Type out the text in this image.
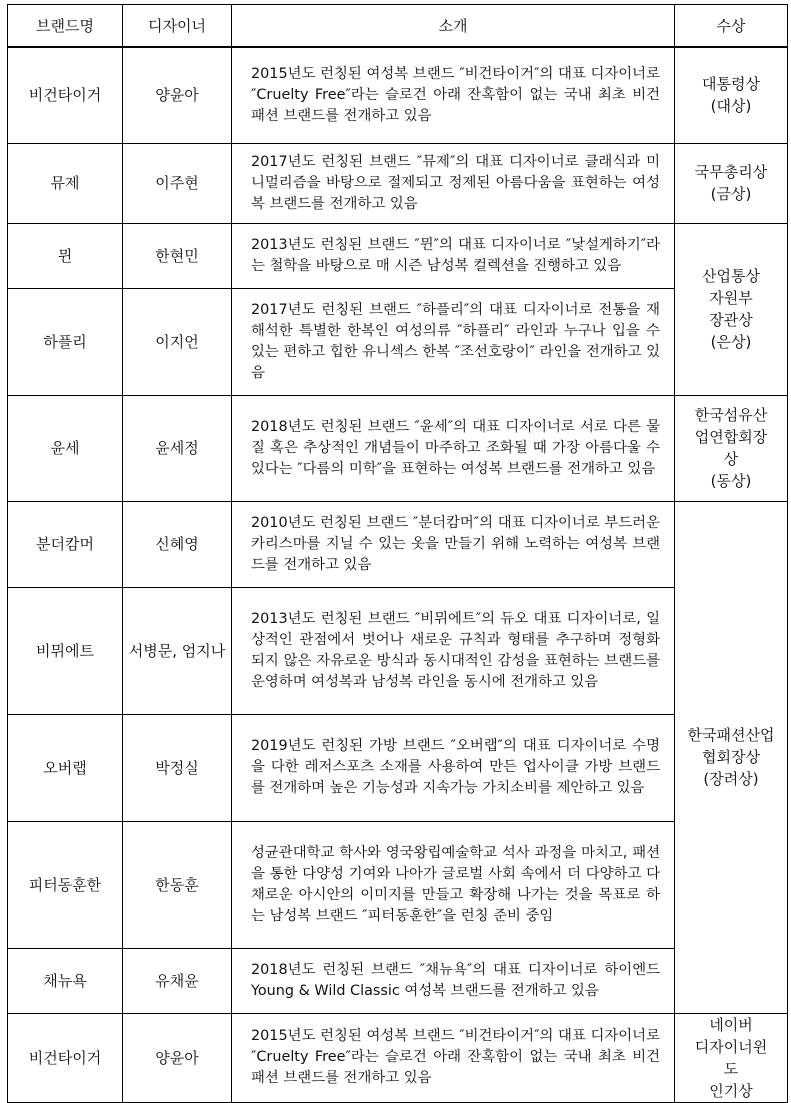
브랜드명	디자이너	소개	수상
비건타이거	양윤아	2015년도 런칭된 여성복 브랜드 ″비건타이거″의 대표 디자이너로 ″Cruelty Free″라는 슬로건 아래 잔혹함이 없는 국내 최초 비건 패션 브랜드를 전개하고 있음	대통령상
(대상)

뮤제	이주현	2017년도 런칭된 브랜드 ″뮤제″의 대표 디자이너로 클래식과 미니멀리즘을 바탕으로 절제되고 정제된 아름다움을 표현하는 여성복 브랜드를 전개하고 있음	국무총리상
(금상)

뮌	한현민	2013년도 런칭된 브랜드 ″뮌″의 대표 디자이너로 ″낯설게하기″라는 철학을 바탕으로 매 시즌 남성복 컬렉션을 진행하고 있음	산업통상
자원부
장관상
(은상)

하플리	이지언	2017년도 런칭된 브랜드 ″하플리″의 대표 디자이너로 전통을 재해석한 특별한 한복인 여성의류 ″하플리″ 라인과 누구나 입을 수 있는 편하고 힙한 유니섹스 한복 ″조선호랑이″ 라인을 전개하고 있음	
윤세	윤세정	2018년도 런칭된 브랜드 ″윤세″의 대표 디자이너로 서로 다른 물질 혹은 추상적인 개념들이 마주하고 조화될 때 가장 아름다울 수 있다는 ″다름의 미학″을 표현하는 여성복 브랜드를 전개하고 있음	한국섬유산
업연합회장
상
(동상)

분더캄머	신혜영	2010년도 런칭된 브랜드 ″분더캄머″의 대표 디자이너로 부드러운 카리스마를 지닐 수 있는 옷을 만들기 위해 노력하는 여성복 브랜드를 전개하고 있음	한국패션산업
협회장상
(장려상)

비뮈에트	서병문, 엄지나	2013년도 런칭된 브랜드 ″비뮈에트″의 듀오 대표 디자이너로, 일상적인 관점에서 벗어나 새로운 규칙과 형태를 추구하며 정형화 되지 않은 자유로운 방식과 동시대적인 감성을 표현하는 브랜드를 운영하며 여성복과 남성복 라인을 동시에 전개하고 있음	
오버랩	박정실	2019년도 런칭된 가방 브랜드 ″오버랩″의 대표 디자이너로 수명을 다한 레저스포츠 소재를 사용하여 만든 업사이클 가방 브랜드를 전개하며 높은 기능성과 지속가능 가치소비를 제안하고 있음	
피터동훈한	한동훈	성균관대학교 학사와 영국왕립예술학교 석사 과정을 마치고, 패션을 통한 다양성 기여와 나아가 글로벌 사회 속에서 더 다양하고 다채로운 아시안의 이미지를 만들고 확장해 나가는 것을 목표로 하는 남성복 브랜드 ″피터동훈한″을 런칭 준비 중임	
채뉴욕	유채윤	2018년도 런칭된 브랜드 ″채뉴욕″의 대표 디자이너로 하이엔드 Young & Wild Classic 여성복 브랜드를 전개하고 있음	
비건타이거	양윤아	2015년도 런칭된 여성복 브랜드 ″비건타이거″의 대표 디자이너로 ″Cruelty Free″라는 슬로건 아래 잔혹함이 없는 국내 최초 비건 패션 브랜드를 전개하고 있음	네이버
디자이너윈
도
인기상
